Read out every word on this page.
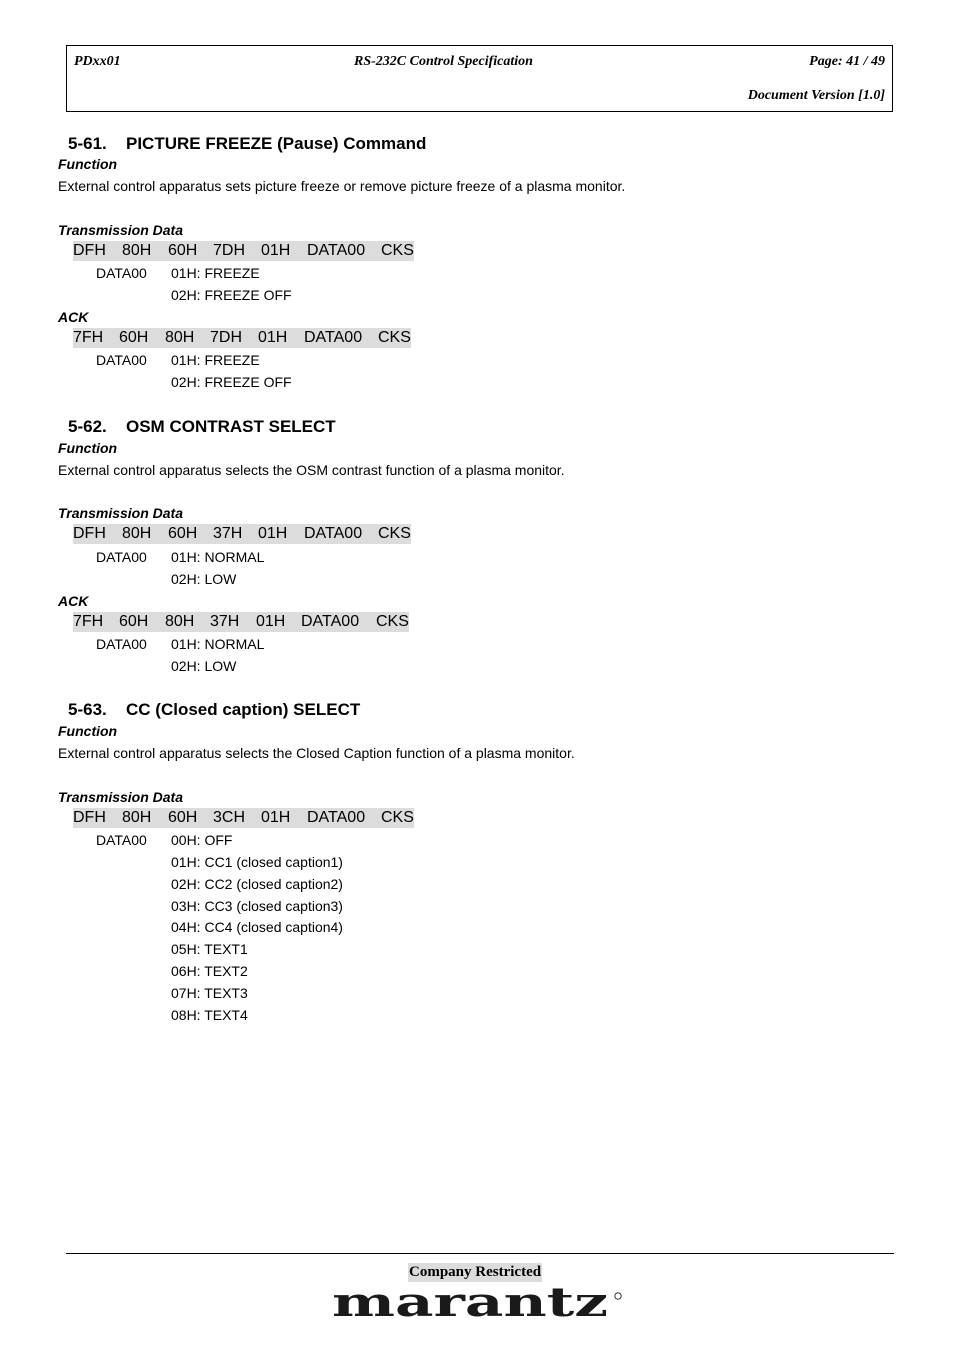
PDxx01	RS-232C Control Specification	Page: 41 / 49
Document Version [1.0]
5-61. PICTURE FREEZE (Pause) Command
Function
External control apparatus sets picture freeze or remove picture freeze of a plasma monitor.
Transmission Data
DFH 80H 60H 7DH 01H DATA00 CKS
DATA00 01H: FREEZE
02H: FREEZE OFF
ACK
7FH 60H 80H 7DH 01H DATA00 CKS
DATA00 01H: FREEZE
02H: FREEZE OFF
5-62. OSM CONTRAST SELECT
Function
External control apparatus selects the OSM contrast function of a plasma monitor.
Transmission Data
DFH 80H 60H 37H 01H DATA00 CKS
DATA00 01H: NORMAL
02H: LOW
ACK
7FH 60H 80H 37H 01H DATA00 CKS
DATA00 01H: NORMAL
02H: LOW
5-63. CC (Closed caption) SELECT
Function
External control apparatus selects the Closed Caption function of a plasma monitor.
Transmission Data
DFH 80H 60H 3CH 01H DATA00 CKS
DATA00 00H: OFF
01H: CC1 (closed caption1)
02H: CC2 (closed caption2)
03H: CC3 (closed caption3)
04H: CC4 (closed caption4)
05H: TEXT1
06H: TEXT2
07H: TEXT3
08H: TEXT4
Company Restricted
marantz
